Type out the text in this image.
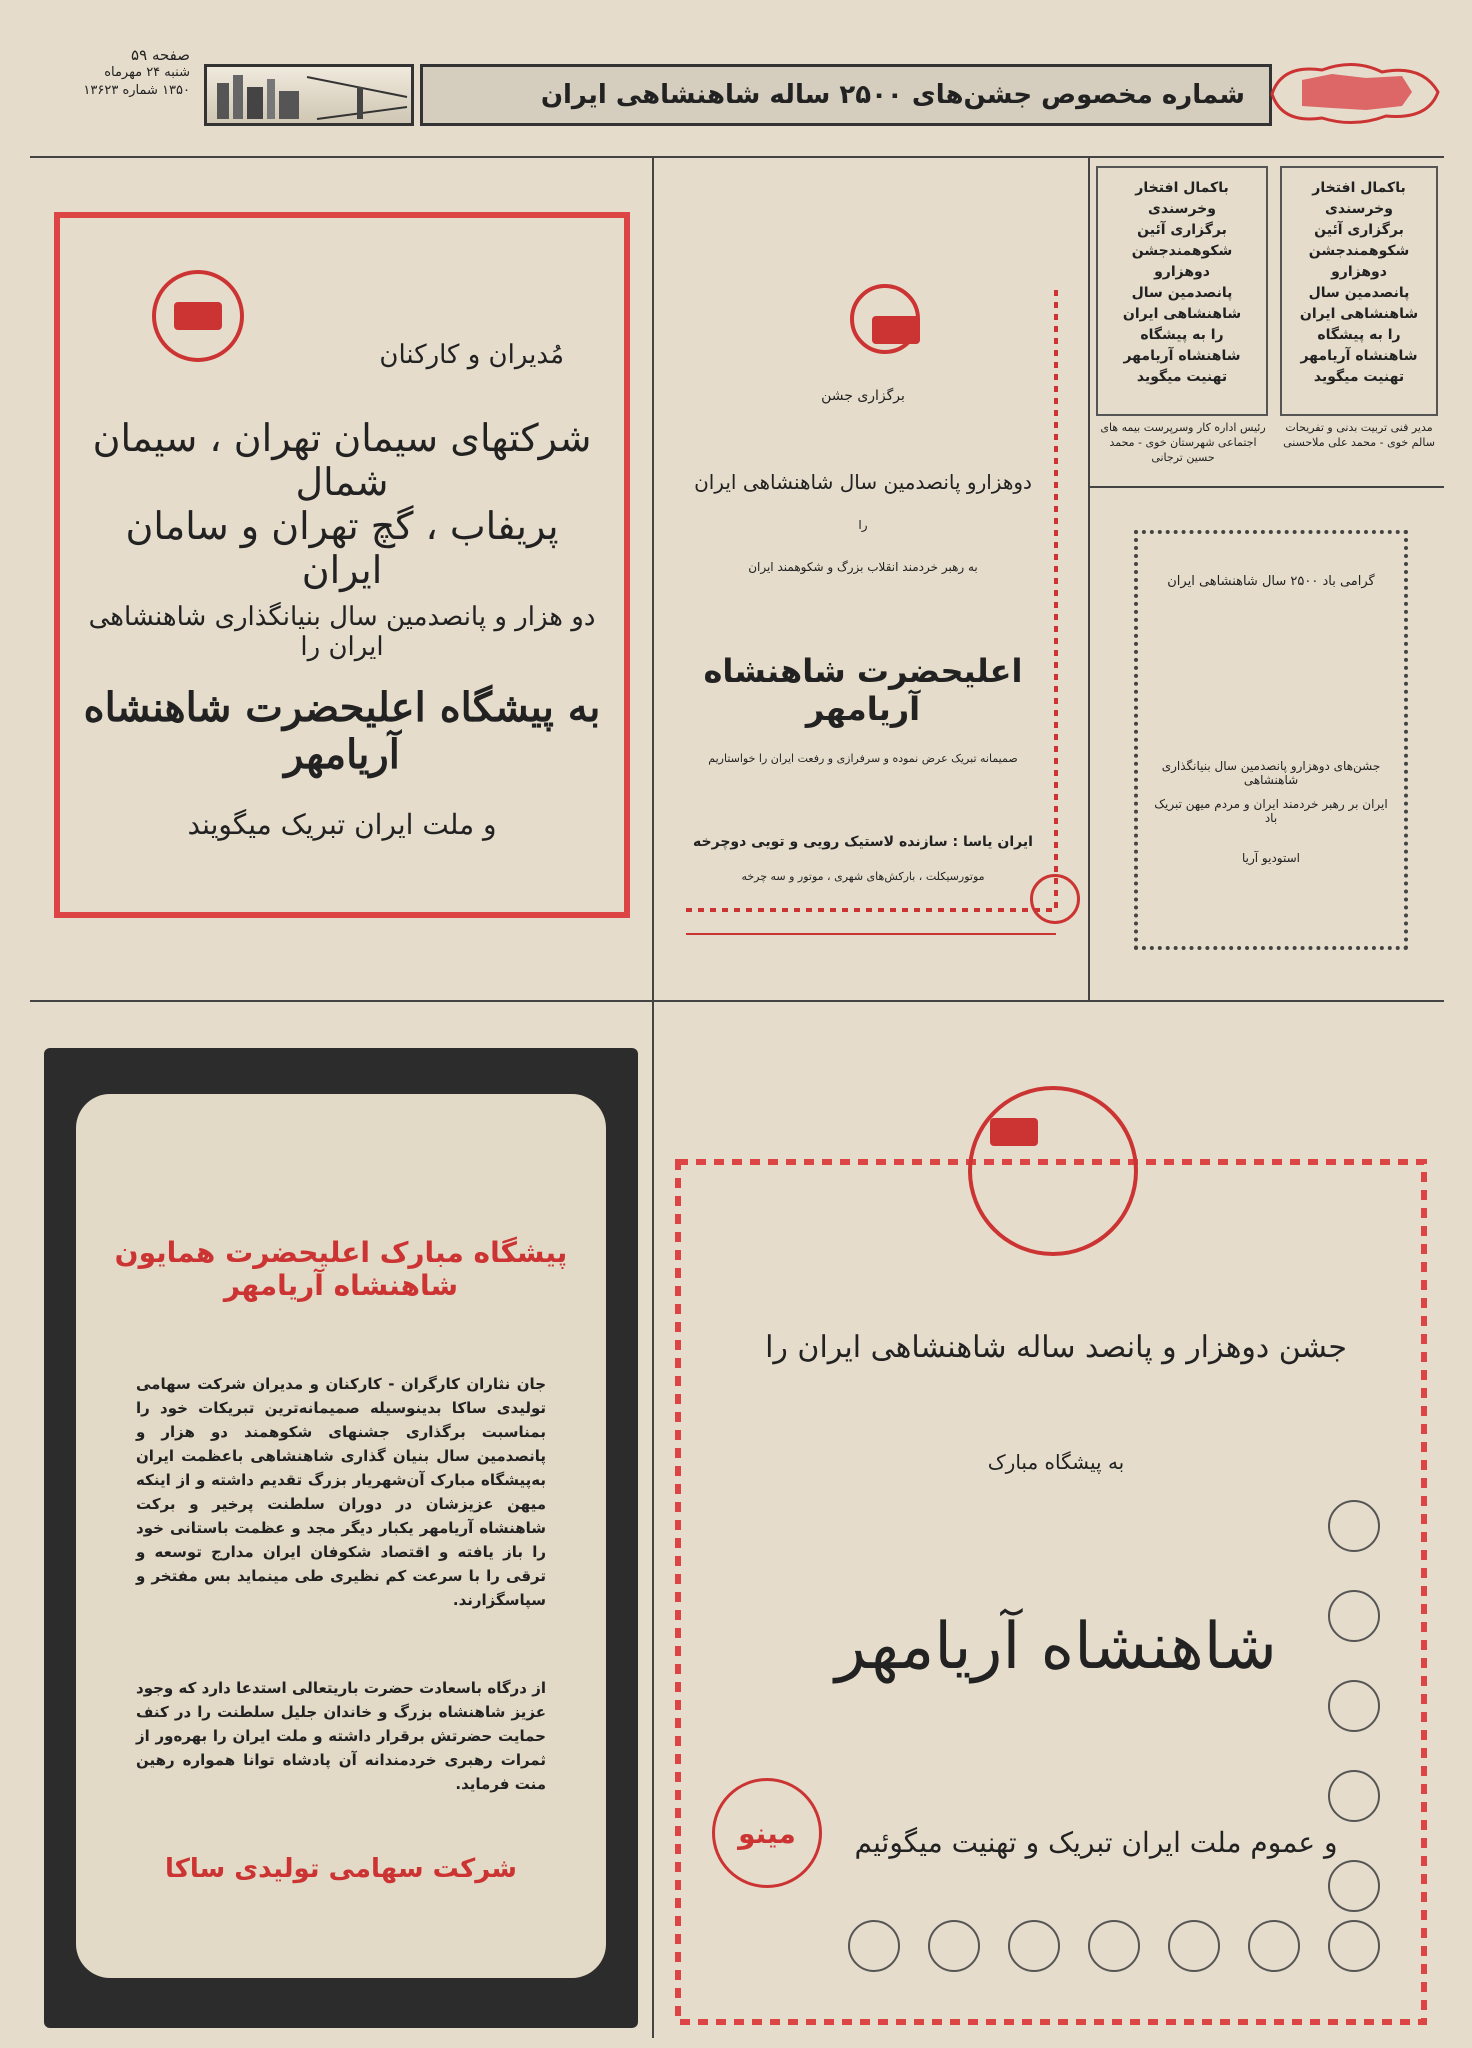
صفحه ۵۹
شنبه ۲۴ مهرماه
۱۳۵۰ شماره ۱۳۶۲۳	شماره مخصوص جشن‌های ۲۵۰۰ ساله شاهنشاهی ایران
مُدیران و کارکنان
شرکتهای سیمان تهران ، سیمان شمال
پریفاب ، گچ تهران و سامان ایران
دو هزار و پانصدمین سال بنیانگذاری شاهنشاهی ایران را
به پیشگاه اعلیحضرت شاهنشاه آریامهر
و ملت ایران تبریک میگویند
برگزاری جشن
دوهزارو پانصدمین سال شاهنشاهی ایران
را
به رهبر خردمند انقلاب بزرگ و شکوهمند ایران
اعلیحضرت شاهنشاه آریامهر
صمیمانه تبریک عرض نموده و سرفرازی و رفعت ایران را خواستاریم
ایران یاسا : سازنده لاستیک رویی و تویی دوچرخه
موتورسیکلت ، بارکش‌های شهری ، موتور و سه چرخه
باکمال افتخار
وخرسندی
برگزاری آئین
شکوهمندجشن
دوهزارو
پانصدمین سال
شاهنشاهی ایران
را به پیشگاه
شاهنشاه آریامهر
تهنیت میگوید
رئیس اداره کار وسرپرست بیمه های اجتماعی شهرستان خوی - محمد حسین ترجانی
باکمال افتخار
وخرسندی
برگزاری آئین
شکوهمندجشن
دوهزارو
پانصدمین سال
شاهنشاهی ایران
را به پیشگاه
شاهنشاه آریامهر
تهنیت میگوید
مدیر فنی تربیت بدنی و تفریحات سالم خوی - محمد علی ملاحسنی
گرامی باد ۲۵۰۰ سال شاهنشاهی ایران
جشن‌های دوهزارو پانصدمین سال بنیانگذاری شاهنشاهی
ایران بر رهبر خردمند ایران و مردم میهن تبریک باد
استودیو آریا
پیشگاه مبارک اعلیحضرت همایون شاهنشاه آریامهر
جان نثاران کارگران - کارکنان و مدیران شرکت سهامی تولیدی ساکا بدینوسیله صمیمانه‌ترین تبریکات خود را بمناسبت برگذاری جشنهای شکوهمند دو هزار و پانصدمین سال بنیان گذاری شاهنشاهی باعظمت ایران به‌پیشگاه مبارک آن‌شهریار بزرگ تقدیم داشته و از اینکه میهن عزیزشان در دوران سلطنت پرخیر و برکت شاهنشاه آریامهر یکبار دیگر مجد و عظمت باستانی خود را باز یافته و اقتصاد شکوفان ایران مدارج توسعه و ترقی را با سرعت کم نظیری طی مینماید بس مفتخر و سپاسگزارند.
از درگاه باسعادت حضرت باریتعالی استدعا دارد که وجود عزیز شاهنشاه بزرگ و خاندان جلیل سلطنت را در کنف حمایت حضرتش برقرار داشته و ملت ایران را بهره‌ور از ثمرات رهبری خردمندانه آن پادشاه توانا همواره رهین منت فرماید.
شرکت سهامی تولیدی ساکا
جشن دوهزار و پانصد ساله شاهنشاهی ایران را
به پیشگاه مبارک
شاهنشاه آریامهر
و عموم ملت ایران تبریک و تهنیت میگوئیم
مینو
